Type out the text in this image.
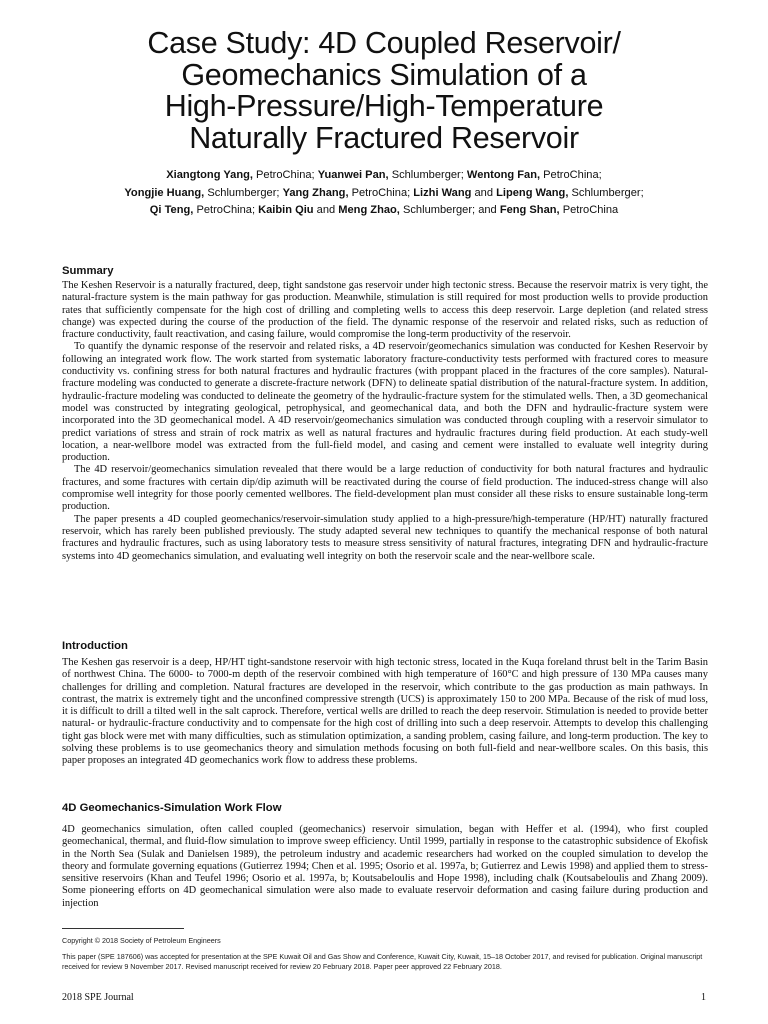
Case Study: 4D Coupled Reservoir/
Geomechanics Simulation of a
High-Pressure/High-Temperature
Naturally Fractured Reservoir
Xiangtong Yang, PetroChina; Yuanwei Pan, Schlumberger; Wentong Fan, PetroChina;
Yongjie Huang, Schlumberger; Yang Zhang, PetroChina; Lizhi Wang and Lipeng Wang, Schlumberger;
Qi Teng, PetroChina; Kaibin Qiu and Meng Zhao, Schlumberger; and Feng Shan, PetroChina
Summary

The Keshen Reservoir is a naturally fractured, deep, tight sandstone gas reservoir under high tectonic stress. Because the reservoir matrix is very tight, the natural-fracture system is the main pathway for gas production. Meanwhile, stimulation is still required for most production wells to provide production rates that sufficiently compensate for the high cost of drilling and completing wells to access this deep reservoir. Large depletion (and related stress change) was expected during the course of the production of the field. The dynamic response of the reservoir and related risks, such as reduction of fracture conductivity, fault reactivation, and casing failure, would compromise the long-term productivity of the reservoir.

To quantify the dynamic response of the reservoir and related risks, a 4D reservoir/geomechanics simulation was conducted for Keshen Reservoir by following an integrated work flow. The work started from systematic laboratory fracture-conductivity tests performed with fractured cores to measure conductivity vs. confining stress for both natural fractures and hydraulic fractures (with proppant placed in the fractures of the core samples). Natural-fracture modeling was conducted to generate a discrete-fracture network (DFN) to delineate spatial distribution of the natural-fracture system. In addition, hydraulic-fracture modeling was conducted to delineate the geometry of the hydraulic-fracture system for the stimulated wells. Then, a 3D geomechanical model was constructed by integrating geological, petrophysical, and geomechanical data, and both the DFN and hydraulic-fracture system were incorporated into the 3D geomechanical model. A 4D reservoir/geomechanics simulation was conducted through coupling with a reservoir simulator to predict variations of stress and strain of rock matrix as well as natural fractures and hydraulic fractures during field production. At each study-well location, a near-wellbore model was extracted from the full-field model, and casing and cement were installed to evaluate well integrity during production.

The 4D reservoir/geomechanics simulation revealed that there would be a large reduction of conductivity for both natural fractures and hydraulic fractures, and some fractures with certain dip/dip azimuth will be reactivated during the course of field production. The induced-stress change will also compromise well integrity for those poorly cemented wellbores. The field-development plan must consider all these risks to ensure sustainable long-term production.

The paper presents a 4D coupled geomechanics/reservoir-simulation study applied to a high-pressure/high-temperature (HP/HT) naturally fractured reservoir, which has rarely been published previously. The study adapted several new techniques to quantify the mechanical response of both natural fractures and hydraulic fractures, such as using laboratory tests to measure stress sensitivity of natural fractures, integrating DFN and hydraulic-fracture systems into 4D geomechanics simulation, and evaluating well integrity on both the reservoir scale and the near-wellbore scale.

Introduction

The Keshen gas reservoir is a deep, HP/HT tight-sandstone reservoir with high tectonic stress, located in the Kuqa foreland thrust belt in the Tarim Basin of northwest China. The 6000- to 7000-m depth of the reservoir combined with high temperature of 160°C and high pressure of 130 MPa causes many challenges for drilling and completion. Natural fractures are developed in the reservoir, which contribute to the gas production as main pathways. In contrast, the matrix is extremely tight and the unconfined compressive strength (UCS) is approximately 150 to 200 MPa. Because of the risk of mud loss, it is difficult to drill a tilted well in the salt caprock. Therefore, vertical wells are drilled to reach the deep reservoir. Stimulation is needed to provide better natural- or hydraulic-fracture conductivity and to compensate for the high cost of drilling into such a deep reservoir. Attempts to develop this challenging tight gas block were met with many difficulties, such as stimulation optimization, a sanding problem, casing failure, and long-term production. The key to solving these problems is to use geomechanics theory and simulation methods focusing on both full-field and near-wellbore scales. On this basis, this paper proposes an integrated 4D geomechanics work flow to address these problems.

4D Geomechanics-Simulation Work Flow

4D geomechanics simulation, often called coupled (geomechanics) reservoir simulation, began with Heffer et al. (1994), who first coupled geomechanical, thermal, and fluid-flow simulation to improve sweep efficiency. Until 1999, partially in response to the catastrophic subsidence of Ekofisk in the North Sea (Sulak and Danielsen 1989), the petroleum industry and academic researchers had worked on the coupled simulation to develop the theory and formulate governing equations (Gutierrez 1994; Chen et al. 1995; Osorio et al. 1997a, b; Gutierrez and Lewis 1998) and applied them to stress-sensitive reservoirs (Khan and Teufel 1996; Osorio et al. 1997a, b; Koutsabeloulis and Hope 1998), including chalk (Koutsabeloulis and Zhang 2009). Some pioneering efforts on 4D geomechanical simulation were also made to evaluate reservoir deformation and casing failure during production and injection

Copyright © 2018 Society of Petroleum Engineers
This paper (SPE 187606) was accepted for presentation at the SPE Kuwait Oil and Gas Show and Conference, Kuwait City, Kuwait, 15–18 October 2017, and revised for publication. Original manuscript received for review 9 November 2017. Revised manuscript received for review 20 February 2018. Paper peer approved 22 February 2018.
2018 SPE Journal	1
